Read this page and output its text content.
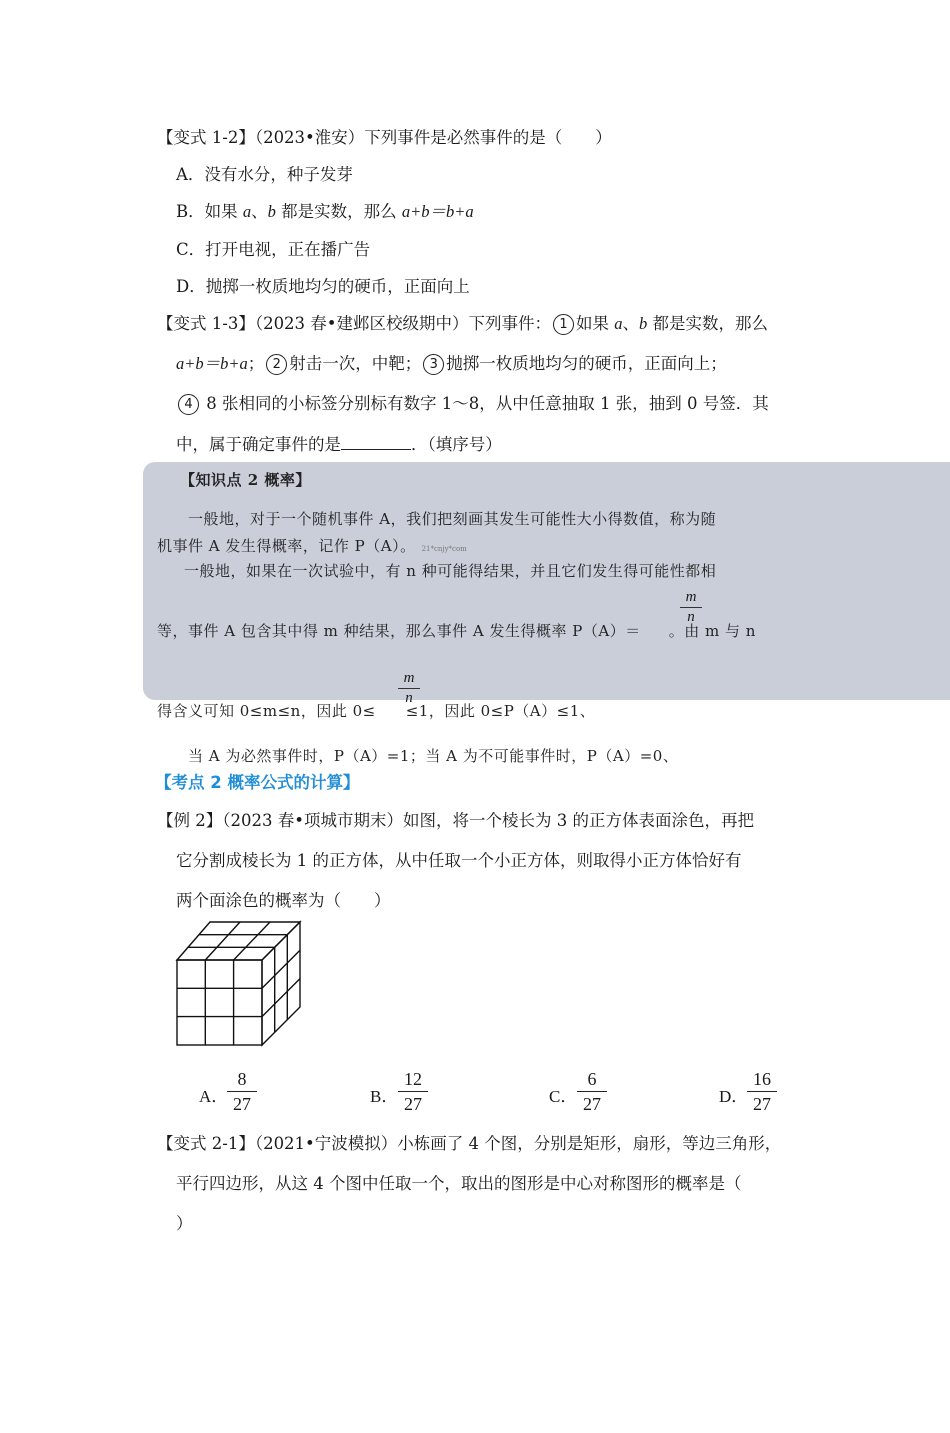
【变式 1-2】（2023•淮安）下列事件是必然事件的是（　　）
A．没有水分，种子发芽
B．如果 a、b 都是实数，那么 a+b＝b+a
C．打开电视，正在播广告
D．抛掷一枚质地均匀的硬币，正面向上
【变式 1-3】（2023 春•建邺区校级期中）下列事件： 1 如果 a、b 都是实数，那么
a+b＝b+a； 2 射击一次，中靶； 3 抛掷一枚质地均匀的硬币，正面向上；
4 8 张相同的小标签分别标有数字 1～8，从中任意抽取 1 张，抽到 0 号签．其
中，属于确定事件的是	．（填序号）
【知识点 2 概率】
一般地，对于一个随机事件 A，我们把刻画其发生可能性大小得数值，称为随
机事件 A 发生得概率，记作 P（A）。 21*cnjy*com
一般地，如果在一次试验中，有 n 种可能得结果，并且它们发生得可能性都相
$\frac{m}{n}$
等，事件 A 包含其中得 m 种结果，那么事件 A 发生得概率 P（A）＝ 。由 m 与 n
$\frac{m}{n}$
得含义可知 0≤m≤n，因此 0≤ ≤1，因此 0≤P（A）≤1、
当 A 为必然事件时，P（A）=1；当 A 为不可能事件时，P（A）=0、
【考点 2 概率公式的计算】
【例 2】（2023 春•项城市期末）如图，将一个棱长为 3 的正方体表面涂色，再把
它分割成棱长为 1 的正方体，从中任取一个小正方体，则取得小正方体恰好有
两个面涂色的概率为（　　）
A．
$\frac{8}{27}$	B． $\frac{12}{27}$	C． $\frac{6}{27}$	D．
$\frac{16}{27}$
【变式 2-1】（2021•宁波模拟）小栋画了 4 个图，分别是矩形，扇形，等边三角形，
平行四边形，从这 4 个图中任取一个，取出的图形是中心对称图形的概率是（
）
